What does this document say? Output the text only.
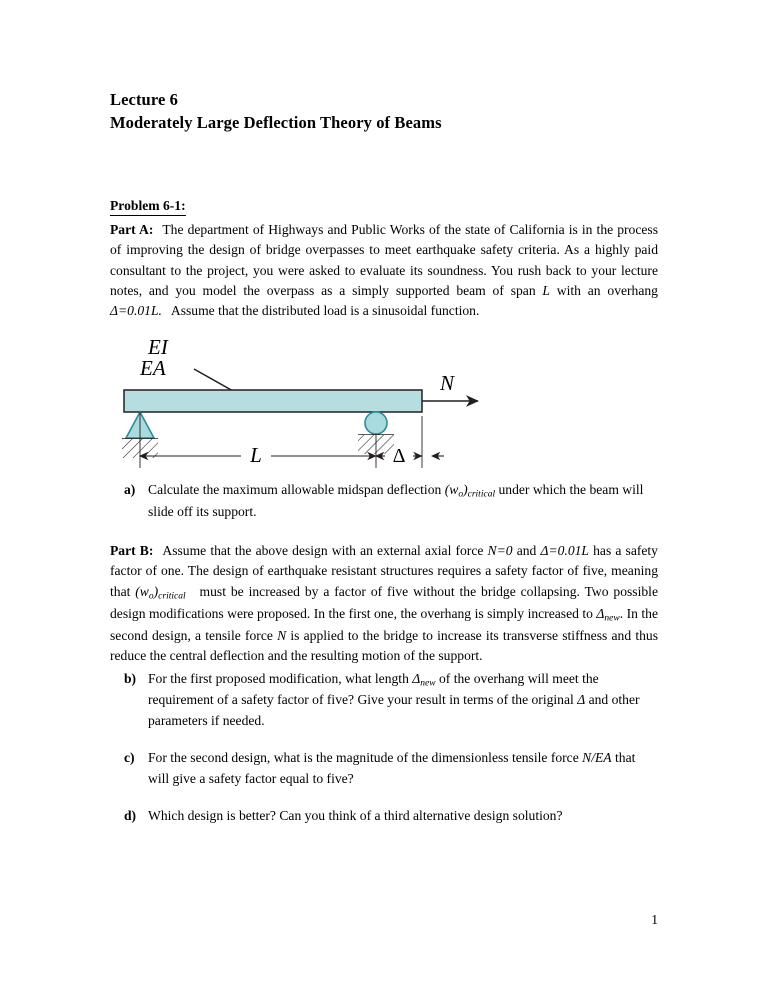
Lecture 6
Moderately Large Deflection Theory of Beams
Problem 6-1:
Part A: The department of Highways and Public Works of the state of California is in the process of improving the design of bridge overpasses to meet earthquake safety criteria. As a highly paid consultant to the project, you were asked to evaluate its soundness. You rush back to your lecture notes, and you model the overpass as a simply supported beam of span L with an overhang Δ=0.01L. Assume that the distributed load is a sinusoidal function.
EI
EA
N
L	Δ
a) Calculate the maximum allowable midspan deflection $(w_o)_{critical}$ under which the beam will slide off its support.
Part B: Assume that the above design with an external axial force N=0 and Δ=0.01L has a safety factor of one. The design of earthquake resistant structures requires a safety factor of five, meaning that $(w_o)_{critical}$ must be increased by a factor of five without the bridge collapsing. Two possible design modifications were proposed. In the first one, the overhang is simply increased to $\Delta_{new}$. In the second design, a tensile force N is applied to the bridge to increase its transverse stiffness and thus reduce the central deflection and the resulting motion of the support.
b) For the first proposed modification, what length $\Delta_{new}$ of the overhang will meet the requirement of a safety factor of five? Give your result in terms of the original Δ and other parameters if needed.
c) For the second design, what is the magnitude of the dimensionless tensile force N/EA that will give a safety factor equal to five?
d) Which design is better? Can you think of a third alternative design solution?
1
